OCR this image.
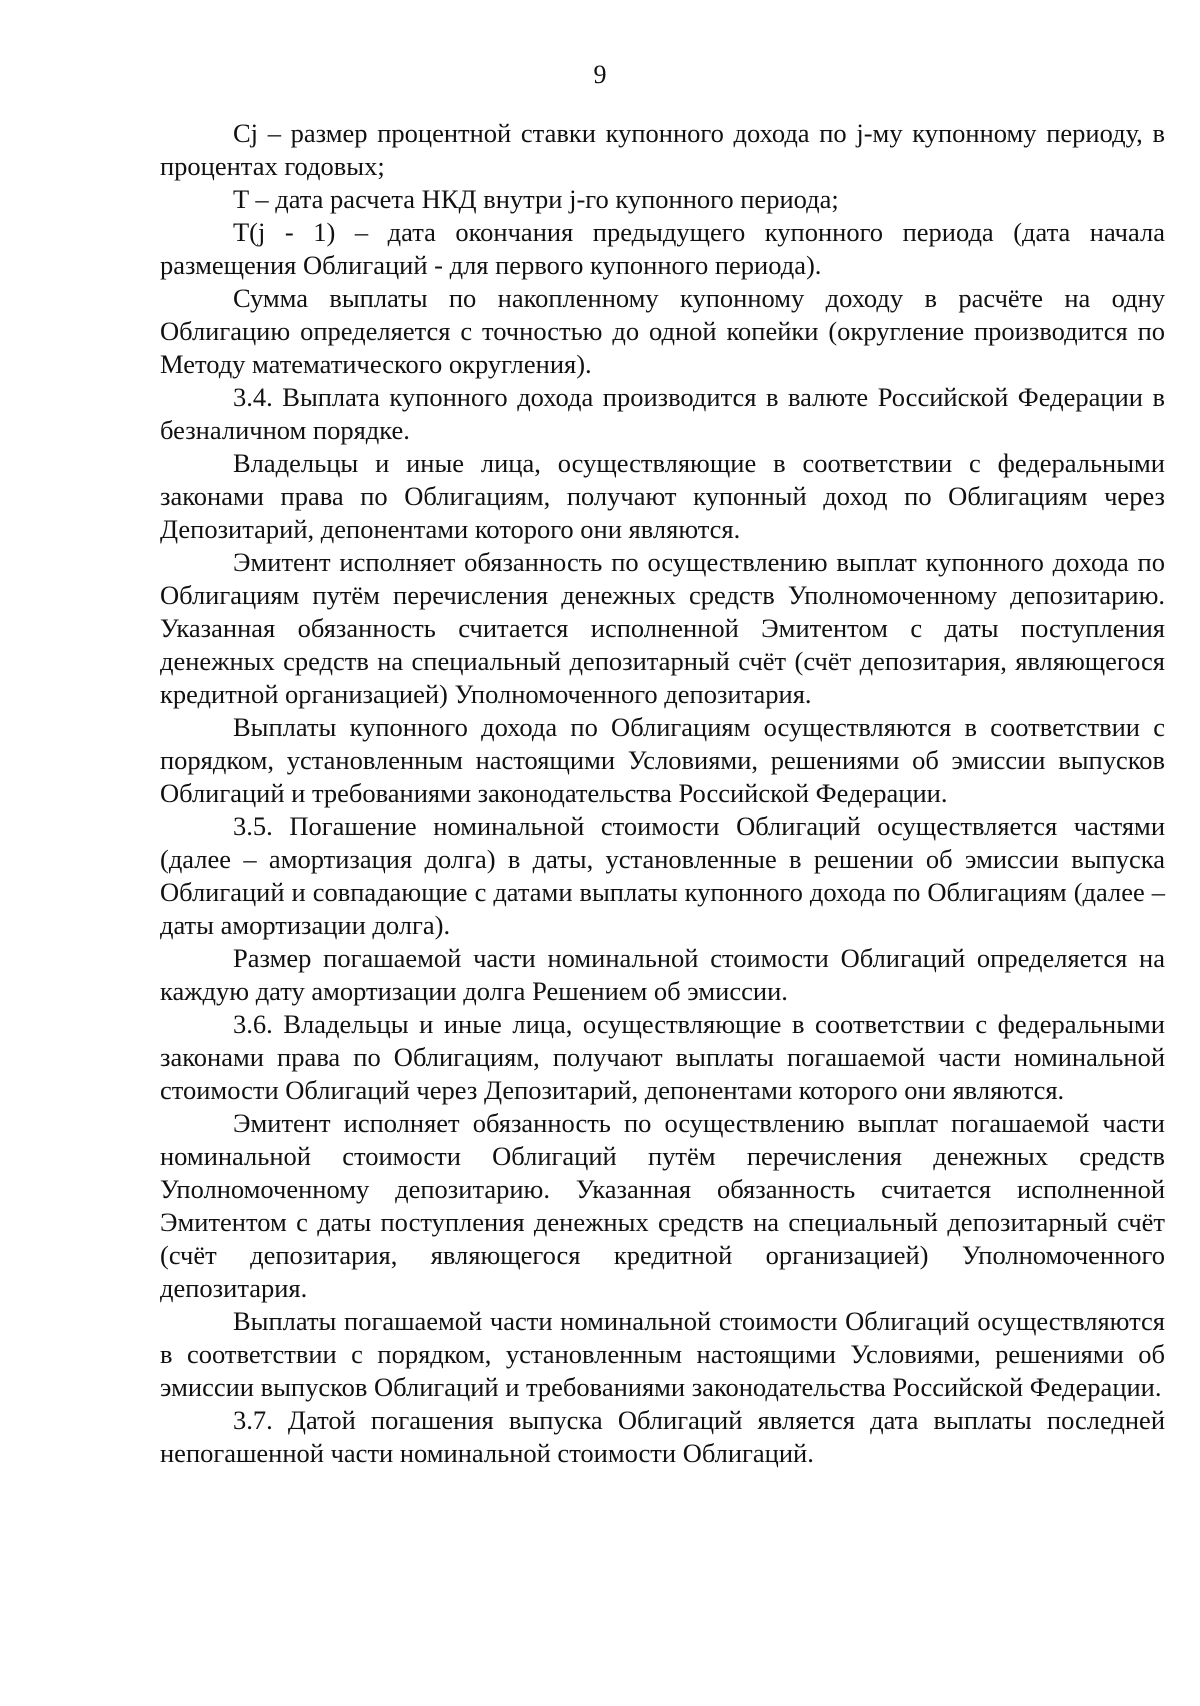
9

Cj – размер процентной ставки купонного дохода по j-му купонному периоду, в процентах годовых;

T – дата расчета НКД внутри j-го купонного периода;

T(j - 1) – дата окончания предыдущего купонного периода (дата начала размещения Облигаций - для первого купонного периода).

Сумма выплаты по накопленному купонному доходу в расчёте на одну Облигацию определяется с точностью до одной копейки (округление производится по Методу математического округления).

3.4. Выплата купонного дохода производится в валюте Российской Федерации в безналичном порядке.

Владельцы и иные лица, осуществляющие в соответствии с федеральными законами права по Облигациям, получают купонный доход по Облигациям через Депозитарий, депонентами которого они являются.

Эмитент исполняет обязанность по осуществлению выплат купонного дохода по Облигациям путём перечисления денежных средств Уполномоченному депозитарию. Указанная обязанность считается исполненной Эмитентом с даты поступления денежных средств на специальный депозитарный счёт (счёт депозитария, являющегося кредитной организацией) Уполномоченного депозитария.

Выплаты купонного дохода по Облигациям осуществляются в соответствии с порядком, установленным настоящими Условиями, решениями об эмиссии выпусков Облигаций и требованиями законодательства Российской Федерации.

3.5. Погашение номинальной стоимости Облигаций осуществляется частями (далее – амортизация долга) в даты, установленные в решении об эмиссии выпуска Облигаций и совпадающие с датами выплаты купонного дохода по Облигациям (далее – даты амортизации долга).

Размер погашаемой части номинальной стоимости Облигаций определяется на каждую дату амортизации долга Решением об эмиссии.

3.6. Владельцы и иные лица, осуществляющие в соответствии с федеральными законами права по Облигациям, получают выплаты погашаемой части номинальной стоимости Облигаций через Депозитарий, депонентами которого они являются.

Эмитент исполняет обязанность по осуществлению выплат погашаемой части номинальной стоимости Облигаций путём перечисления денежных средств Уполномоченному депозитарию. Указанная обязанность считается исполненной Эмитентом с даты поступления денежных средств на специальный депозитарный счёт (счёт депозитария, являющегося кредитной организацией) Уполномоченного депозитария.

Выплаты погашаемой части номинальной стоимости Облигаций осуществляются в соответствии с порядком, установленным настоящими Условиями, решениями об эмиссии выпусков Облигаций и требованиями законодательства Российской Федерации.

3.7. Датой погашения выпуска Облигаций является дата выплаты последней непогашенной части номинальной стоимости Облигаций.
